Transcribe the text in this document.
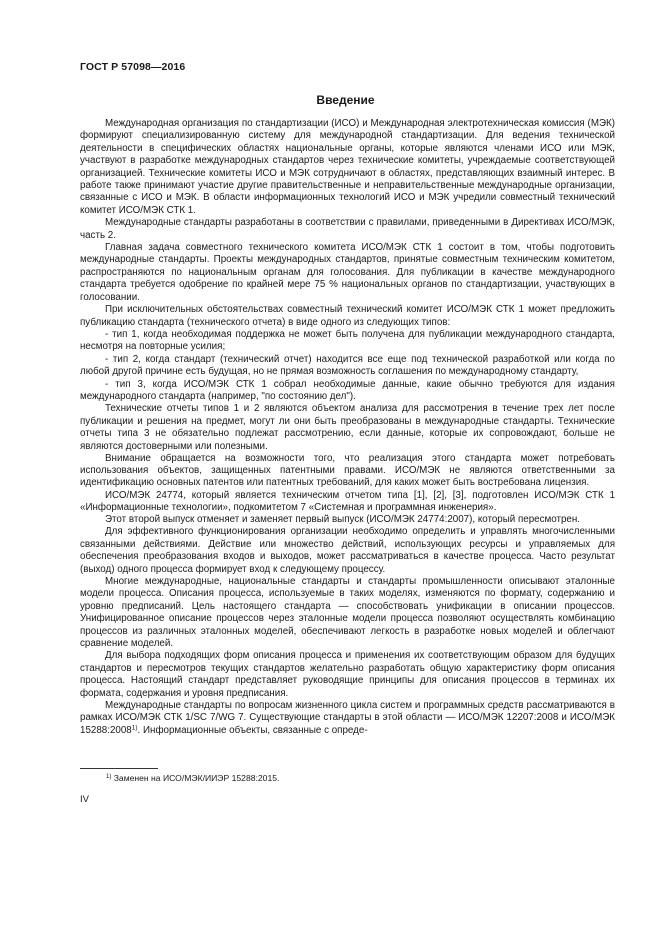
ГОСТ Р 57098—2016
Введение

Международная организация по стандартизации (ИСО) и Международная электротехническая комиссия (МЭК) формируют специализированную систему для международной стандартизации. Для ведения технической деятельности в специфических областях национальные органы, которые являются членами ИСО или МЭК, участвуют в разработке международных стандартов через технические комитеты, учреждаемые соответствующей организацией. Технические комитеты ИСО и МЭК сотрудничают в областях, представляющих взаимный интерес. В работе также принимают участие другие правительственные и неправительственные международные организации, связанные с ИСО и МЭК. В области информационных технологий ИСО и МЭК учредили совместный технический комитет ИСО/МЭК СТК 1.

Международные стандарты разработаны в соответствии с правилами, приведенными в Директивах ИСО/МЭК, часть 2.

Главная задача совместного технического комитета ИСО/МЭК СТК 1 состоит в том, чтобы подготовить международные стандарты. Проекты международных стандартов, принятые совместным техническим комитетом, распространяются по национальным органам для голосования. Для публикации в качестве международного стандарта требуется одобрение по крайней мере 75 % национальных органов по стандартизации, участвующих в голосовании.

При исключительных обстоятельствах совместный технический комитет ИСО/МЭК СТК 1 может предложить публикацию стандарта (технического отчета) в виде одного из следующих типов:

- тип 1, когда необходимая поддержка не может быть получена для публикации международного стандарта, несмотря на повторные усилия;

- тип 2, когда стандарт (технический отчет) находится все еще под технической разработкой или когда по любой другой причине есть будущая, но не прямая возможность соглашения по международному стандарту,

- тип 3, когда ИСО/МЭК СТК 1 собрал необходимые данные, какие обычно требуются для издания международного стандарта (например, "по состоянию дел").

Технические отчеты типов 1 и 2 являются объектом анализа для рассмотрения в течение трех лет после публикации и решения на предмет, могут ли они быть преобразованы в международные стандарты. Технические отчеты типа 3 не обязательно подлежат рассмотрению, если данные, которые их сопровождают, больше не являются достоверными или полезными.

Внимание обращается на возможности того, что реализация этого стандарта может потребовать использования объектов, защищенных патентными правами. ИСО/МЭК не являются ответственными за идентификацию основных патентов или патентных требований, для каких может быть востребована лицензия.

ИСО/МЭК 24774, который является техническим отчетом типа [1], [2], [3], подготовлен ИСО/МЭК СТК 1 «Информационные технологии», подкомитетом 7 «Системная и программная инженерия».

Этот второй выпуск отменяет и заменяет первый выпуск (ИСО/МЭК 24774:2007), который пересмотрен.

Для эффективного функционирования организации необходимо определить и управлять многочисленными связанными действиями. Действие или множество действий, использующих ресурсы и управляемых для обеспечения преобразования входов и выходов, может рассматриваться в качестве процесса. Часто результат (выход) одного процесса формирует вход к следующему процессу.

Многие международные, национальные стандарты и стандарты промышленности описывают эталонные модели процесса. Описания процесса, используемые в таких моделях, изменяются по формату, содержанию и уровню предписаний. Цель настоящего стандарта — способствовать унификации в описании процессов. Унифицированное описание процессов через эталонные модели процесса позволяют осуществлять комбинацию процессов из различных эталонных моделей, обеспечивают легкость в разработке новых моделей и облегчают сравнение моделей.

Для выбора подходящих форм описания процесса и применения их соответствующим образом для будущих стандартов и пересмотров текущих стандартов желательно разработать общую характеристику форм описания процесса. Настоящий стандарт представляет руководящие принципы для описания процессов в терминах их формата, содержания и уровня предписания.

Международные стандарты по вопросам жизненного цикла систем и программных средств рассматриваются в рамках ИСО/МЭК СТК 1/SC 7/WG 7. Существующие стандарты в этой области — ИСО/МЭК 12207:2008 и ИСО/МЭК 15288:2008$^{1)}$. Информационные объекты, связанные с опреде-

$^{1)}$ Заменен на ИСО/МЭК/ИИЭР 15288:2015.
IV
